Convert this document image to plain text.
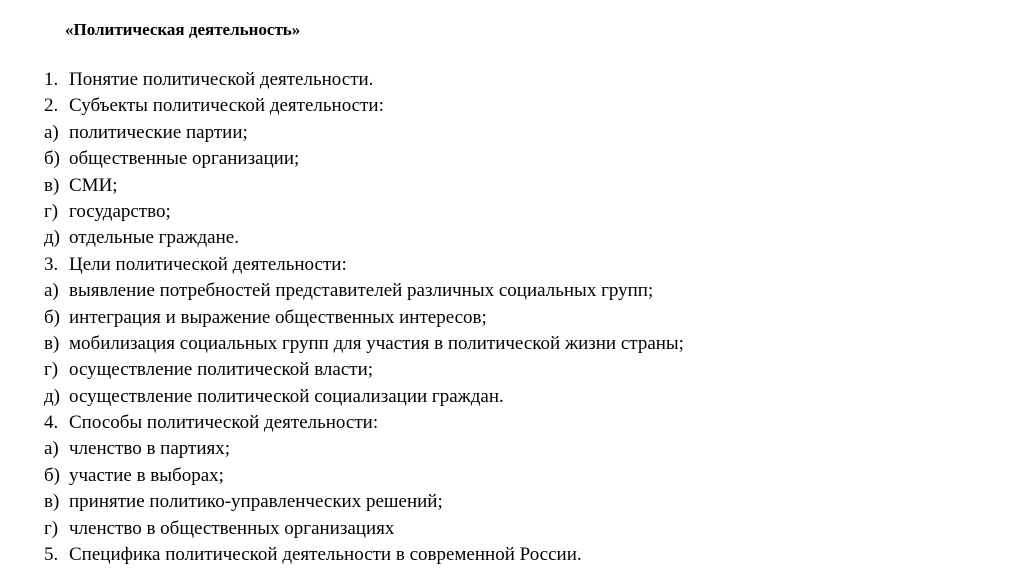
«Политическая деятельность»
1. Понятие политической деятельности.
2. Субъекты политической деятельности:
а) политические партии;
б) общественные организации;
в) СМИ;
г) государство;
д) отдельные граждане.
3. Цели политической деятельности:
а) выявление потребностей представителей различных социальных групп;
б) интеграция и выражение общественных интересов;
в) мобилизация социальных групп для участия в политической жизни страны;
г) осуществление политической власти;
д) осуществление политической социализации граждан.
4. Способы политической деятельности:
а) членство в партиях;
б) участие в выборах;
в) принятие политико-управленческих решений;
г) членство в общественных организациях
5. Специфика политической деятельности в современной России.
